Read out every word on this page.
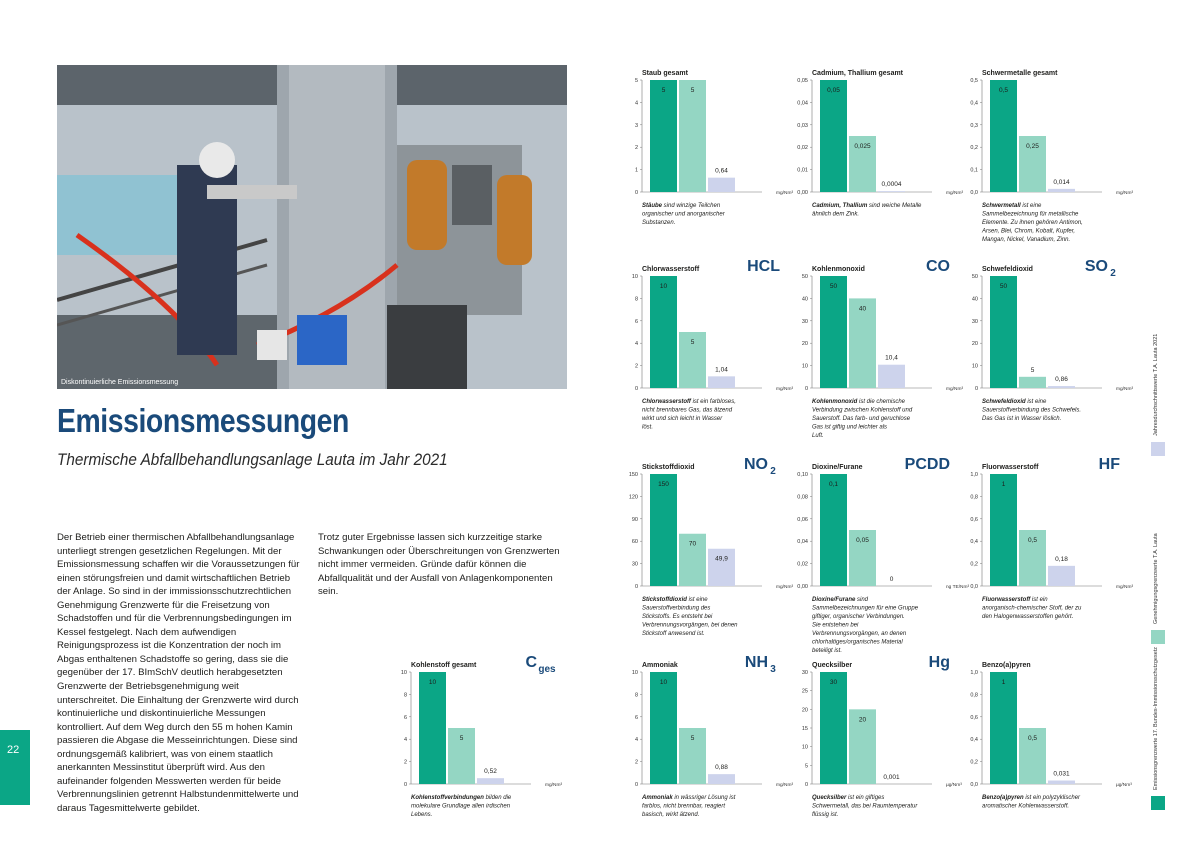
Diskontinuierliche Emissionsmessung
Emissionsmessungen
Thermische Abfallbehandlungsanlage Lauta im Jahr 2021
Der Betrieb einer thermischen Abfallbehandlungsanlage unterliegt strengen gesetzlichen Regelungen. Mit der Emissionsmessung schaffen wir die Voraussetzungen für einen störungsfreien und damit wirtschaftlichen Betrieb der Anlage. So sind in der immissionsschutzrechtlichen Genehmigung Grenzwerte für die Freisetzung von Schadstoffen und für die Verbrennungsbedingungen im Kessel festgelegt. Nach dem aufwendigen Reinigungsprozess ist die Konzentration der noch im Abgas enthaltenen Schadstoffe so gering, dass sie die gegenüber der 17. BImSchV deutlich herabgesetzten Grenzwerte der Betriebsgenehmigung weit unterschreitet. Die Einhaltung der Grenzwerte wird durch kontinuierliche und diskontinuierliche Messungen kontrolliert. Auf dem Weg durch den 55 m hohen Kamin passieren die Abgase die Messeinrichtungen. Diese sind ordnungsgemäß kalibriert, was von einem staatlich anerkannten Messinstitut überprüft wird. Aus den aufeinander folgenden Messwerten werden für beide Verbrennungslinien getrennt Halbstundenmittelwerte und daraus Tagesmittelwerte gebildet.
Trotz guter Ergebnisse lassen sich kurzzeitige starke Schwankungen oder Überschreitungen von Grenzwerten nicht immer vermeiden. Gründe dafür können die Abfallqualität und der Ausfall von Anlagenkomponenten sein.
22
Staub gesamt
5
4
3
2
1
0
5	5
0,64
mg/Nm³
Stäube sind winzige Teilchen
organischer und anorganischer
Substanzen.
Cadmium, Thallium gesamt
0,05
0,04
0,03
0,02
0,01
0,00
0,05
0,025
0,0004
mg/Nm³
Cadmium, Thallium sind weiche Metalle
ähnlich dem Zink.
Schwermetalle gesamt
0,5
0,4
0,3
0,2
0,1
0,0
0,5
0,25
0,014
mg/Nm³
Schwermetall ist eine
Sammelbezeichnung für metallische
Elemente. Zu ihnen gehören Antimon,
Arsen, Blei, Chrom, Kobalt, Kupfer,
Mangan, Nickel, Vanadium, Zinn.
Chlorwasserstoff	HCL
10
8
6
4
2
0
10
5
1,04
mg/Nm³
Chlorwasserstoff ist ein farbloses,
nicht brennbares Gas, das ätzend
wirkt und sich leicht in Wasser
löst.
Kohlenmonoxid	CO
50
40
30
20
10
0
50
40
10,4
mg/Nm³
Kohlenmonoxid ist die chemische
Verbindung zwischen Kohlenstoff und
Sauerstoff. Das farb- und geruchlose
Gas ist giftig und leichter als
Luft.
Schwefeldioxid	SO 2
50
40
30
20
10
0
50
5
0,86
mg/Nm³
Schwefeldioxid ist eine
Sauerstoffverbindung des Schwefels.
Das Gas ist in Wasser löslich.
Stickstoffdioxid	NO 2
150
120
90
60
30
0
150
70
49,9
mg/Nm³
Stickstoffdioxid ist eine
Sauerstoffverbindung des
Stickstoffs. Es entsteht bei
Verbrennungsvorgängen, bei denen
Stickstoff anwesend ist.
Dioxine/Furane	PCDD
0,10
0,08
0,06
0,04
0,02
0,00
0,1
0,05
0
ng TE/Nm³
Dioxine/Furane sind
Sammelbezeichnungen für eine Gruppe
giftiger, organischer Verbindungen.
Sie entstehen bei
Verbrennungsvorgängen, an denen
chlorhaltiges/organisches Material
beteiligt ist.
Fluorwasserstoff	HF
1,0
0,8
0,6
0,4
0,2
0,0
1
0,5
0,18
mg/Nm³
Fluorwasserstoff ist ein
anorganisch-chemischer Stoff, der zu
den Halogenwasserstoffen gehört.
Kohlenstoff gesamt	C ges
10
8
6
4
2
0
10
5
0,52
mg/Nm³
Kohlenstoffverbindungen bilden die
molekulare Grundlage allen irdischen
Lebens.
Ammoniak	NH 3
10
8
6
4
2
0
10
5
0,88
mg/Nm³
Ammoniak in wässriger Lösung ist
farblos, nicht brennbar, reagiert
basisch, wirkt ätzend.
Quecksilber	Hg
30
25
20
15
10
5
0
30
20
0,001
µg/Nm³
Quecksilber ist ein giftiges
Schwermetall, das bei Raumtemperatur
flüssig ist.
Benzo(a)pyren
1,0
0,8
0,6
0,4
0,2
0,0
1
0,5
0,031
µg/Nm³
Benzo(a)pyren ist ein polyzyklischer
aromatischer Kohlenwasserstoff.
Jahresdurchschnittswerte T.A. Lauta 2021
Genehmigungsgrenzwerte T.A. Lauta
Emissionsgrenzwerte 17. Bundes-Immissionsschutzgesetz
